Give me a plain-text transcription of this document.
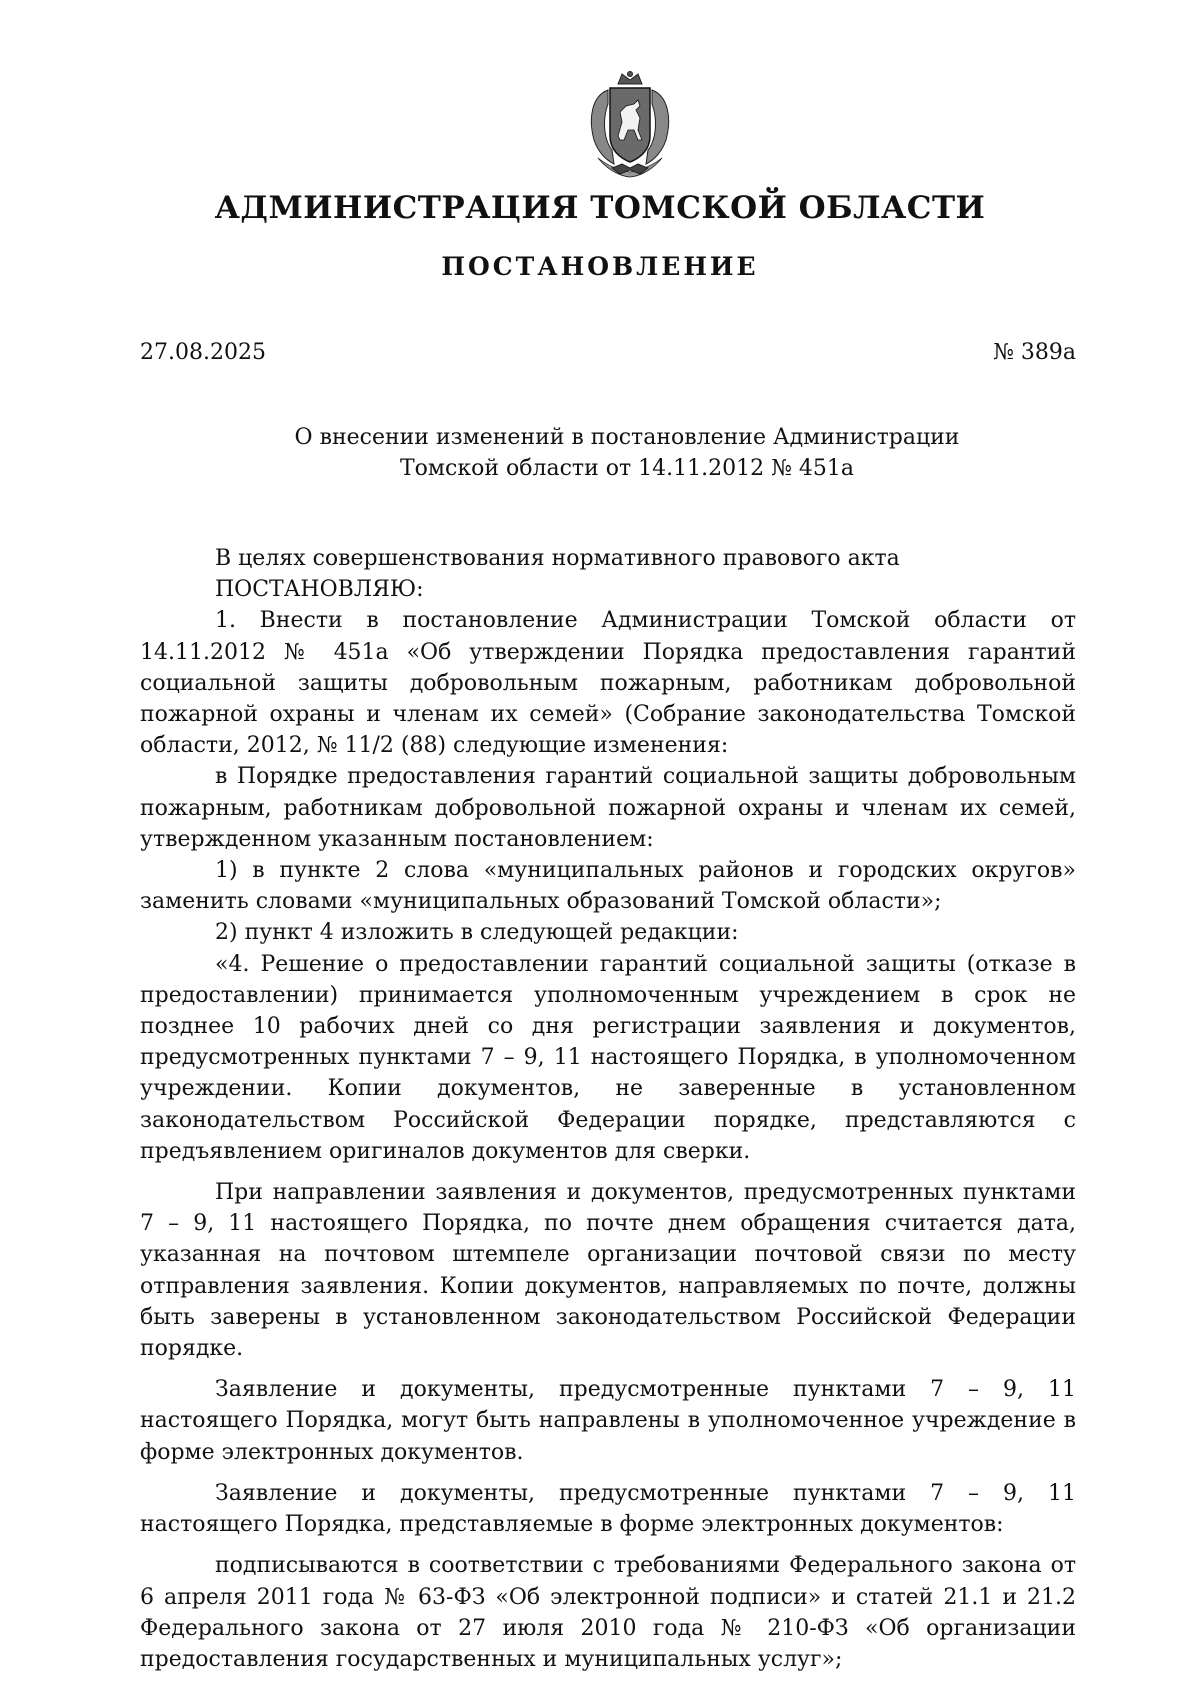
АДМИНИСТРАЦИЯ ТОМСКОЙ ОБЛАСТИ
ПОСТАНОВЛЕНИЕ
27.08.2025	№ 389а
О внесении изменений в постановление Администрации
Томской области от 14.11.2012 № 451а

В целях совершенствования нормативного правового акта

ПОСТАНОВЛЯЮ:

1. Внести в постановление Администрации Томской области от 14.11.2012 № 451а «Об утверждении Порядка предоставления гарантий социальной защиты добровольным пожарным, работникам добровольной пожарной охраны и членам их семей» (Собрание законодательства Томской области, 2012, № 11/2 (88) следующие изменения:

в Порядке предоставления гарантий социальной защиты добровольным пожарным, работникам добровольной пожарной охраны и членам их семей, утвержденном указанным постановлением:

1) в пункте 2 слова «муниципальных районов и городских округов» заменить словами «муниципальных образований Томской области»;

2) пункт 4 изложить в следующей редакции:

«4. Решение о предоставлении гарантий социальной защиты (отказе в предоставлении) принимается уполномоченным учреждением в срок не позднее 10 рабочих дней со дня регистрации заявления и документов, предусмотренных пунктами 7 – 9, 11 настоящего Порядка, в уполномоченном учреждении. Копии документов, не заверенные в установленном законодательством Российской Федерации порядке, представляются с предъявлением оригиналов документов для сверки.

При направлении заявления и документов, предусмотренных пунктами 7 – 9, 11 настоящего Порядка, по почте днем обращения считается дата, указанная на почтовом штемпеле организации почтовой связи по месту отправления заявления. Копии документов, направляемых по почте, должны быть заверены в установленном законодательством Российской Федерации порядке.

Заявление и документы, предусмотренные пунктами 7 – 9, 11 настоящего Порядка, могут быть направлены в уполномоченное учреждение в форме электронных документов.

Заявление и документы, предусмотренные пунктами 7 – 9, 11 настоящего Порядка, представляемые в форме электронных документов:

подписываются в соответствии с требованиями Федерального закона от 6 апреля 2011 года № 63-ФЗ «Об электронной подписи» и статей 21.1 и 21.2 Федерального закона от 27 июля 2010 года № 210-ФЗ «Об организации предоставления государственных и муниципальных услуг»;
